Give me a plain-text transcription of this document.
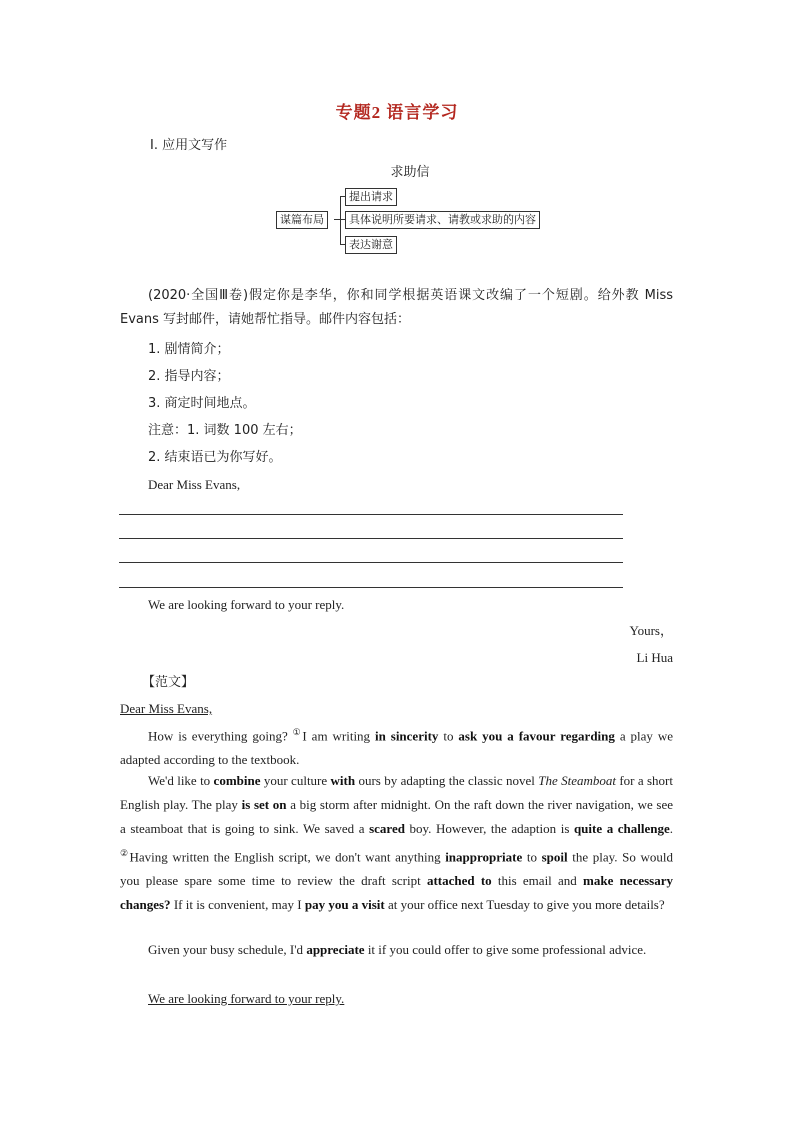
专题2 语言学习
Ⅰ. 应用文写作
求助信
谋篇布局
提出请求
具体说明所要请求、请教或求助的内容
表达谢意
(2020·全国Ⅲ卷)假定你是李华，你和同学根据英语课文改编了一个短剧。给外教 Miss Evans 写封邮件，请她帮忙指导。邮件内容包括：
1. 剧情简介；
2. 指导内容；
3. 商定时间地点。
注意：1. 词数 100 左右；
2. 结束语已为你写好。
Dear Miss Evans,
We are looking forward to your reply.
Yours，
Li Hua
【范文】
Dear Miss Evans,
How is everything going? ①I am writing in sincerity to ask you a favour regarding a play we adapted according to the textbook.
We'd like to combine your culture with ours by adapting the classic novel The Steamboat for a short English play. The play is set on a big storm after midnight. On the raft down the river navigation, we see a steamboat that is going to sink. We saved a scared boy. However, the adaption is quite a challenge. ②Having written the English script, we don't want anything inappropriate to spoil the play. So would you please spare some time to review the draft script attached to this email and make necessary changes? If it is convenient, may I pay you a visit at your office next Tuesday to give you more details?
Given your busy schedule, I'd appreciate it if you could offer to give some professional advice.
We are looking forward to your reply.
